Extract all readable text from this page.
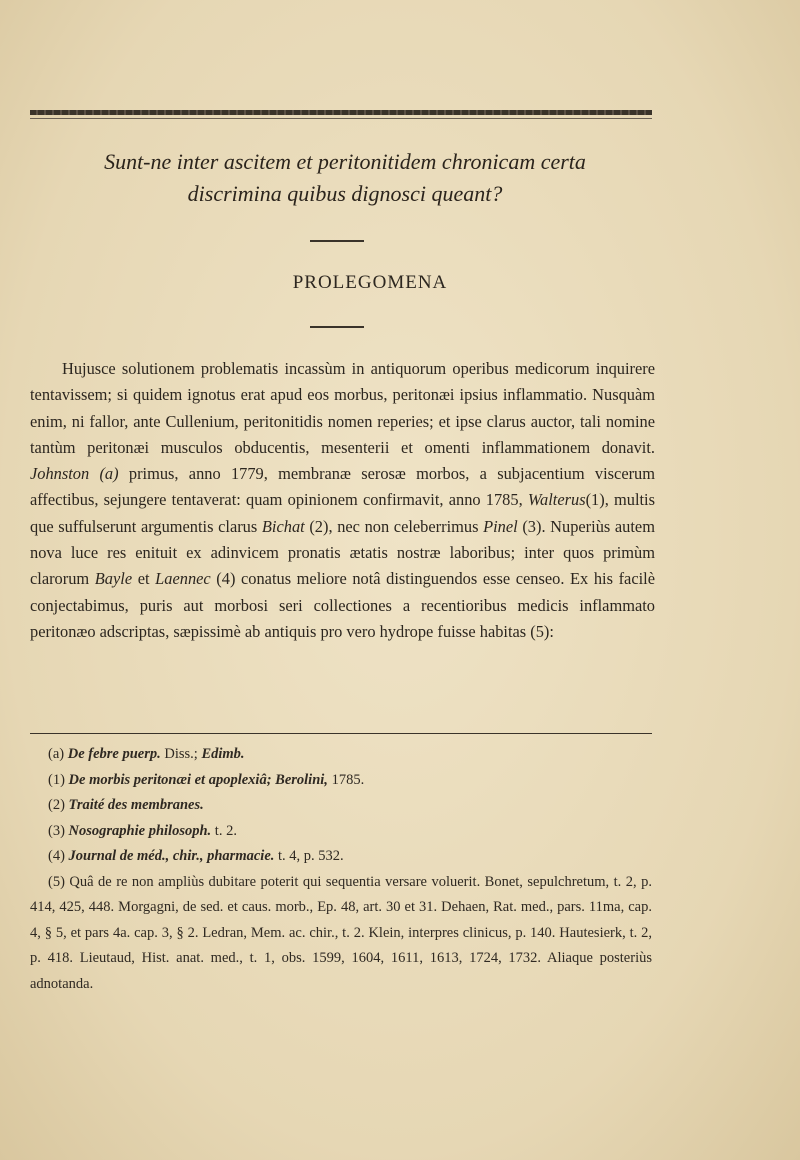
Sunt-ne inter ascitem et peritonitidem chronicam certa
discrimina quibus dignosci queant?
PROLEGOMENA
Hujusce solutionem problematis incassùm in antiquorum operibus medicorum inquirere tentavissem; si quidem ignotus erat apud eos morbus, peritonæi ipsius inflammatio. Nusquàm enim, ni fallor, ante Cullenium, peritonitidis nomen reperies; et ipse clarus auctor, tali nomine tantùm peritonæi musculos obducentis, mesenterii et omenti inflammationem donavit. Johnston (a) primus, anno 1779, membranæ serosæ morbos, a subjacentium viscerum affectibus, sejungere tentaverat: quam opinionem confirmavit, anno 1785, Walterus(1), multis que suffulserunt argumentis clarus Bichat (2), nec non celeberrimus Pinel (3). Nuperiùs autem nova luce res enituit ex adinvicem pronatis ætatis nostræ laboribus; inter quos primùm clarorum Bayle et Laennec (4) conatus meliore notâ distinguendos esse censeo. Ex his facilè conjectabimus, puris aut morbosi seri collectiones a recentioribus medicis inflammato peritonæo adscriptas, sæpissimè ab antiquis pro vero hydrope fuisse habitas (5):

(a) De febre puerp. Diss.; Edimb.

(1) De morbis peritonæi et apoplexiâ; Berolini, 1785.

(2) Traité des membranes.

(3) Nosographie philosoph. t. 2.

(4) Journal de méd., chir., pharmacie. t. 4, p. 532.

(5) Quâ de re non ampliùs dubitare poterit qui sequentia versare voluerit. Bonet, sepulchretum, t. 2, p. 414, 425, 448. Morgagni, de sed. et caus. morb., Ep. 48, art. 30 et 31. Dehaen, Rat. med., pars. 11ma, cap. 4, § 5, et pars 4a. cap. 3, § 2. Ledran, Mem. ac. chir., t. 2. Klein, interpres clinicus, p. 140. Hautesierk, t. 2, p. 418. Lieutaud, Hist. anat. med., t. 1, obs. 1599, 1604, 1611, 1613, 1724, 1732. Aliaque posteriùs adnotanda.
